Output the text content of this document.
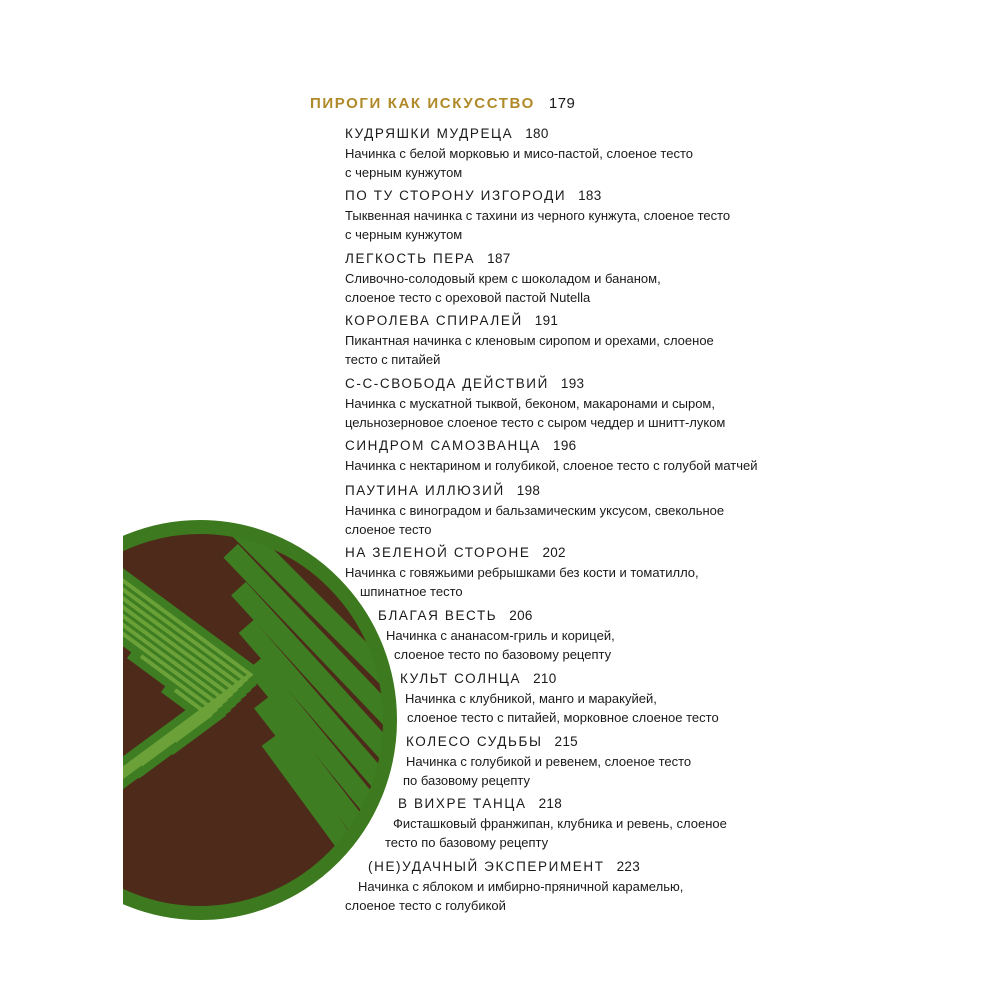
ПИРОГИ КАК ИСКУССТВО 179
КУДРЯШКИ МУДРЕЦА 180
Начинка с белой морковью и мисо-пастой, слоеное тесто
с черным кунжутом
ПО ТУ СТОРОНУ ИЗГОРОДИ 183
Тыквенная начинка с тахини из черного кунжута, слоеное тесто
с черным кунжутом
ЛЕГКОСТЬ ПЕРА 187
Сливочно-солодовый крем с шоколадом и бананом,
слоеное тесто с ореховой пастой Nutella
КОРОЛЕВА СПИРАЛЕЙ 191
Пикантная начинка с кленовым сиропом и орехами, слоеное
тесто с питайей
С-С-СВОБОДА ДЕЙСТВИЙ 193
Начинка с мускатной тыквой, беконом, макаронами и сыром,
цельнозерновое слоеное тесто с сыром чеддер и шнитт-луком
СИНДРОМ САМОЗВАНЦА 196
Начинка с нектарином и голубикой, слоеное тесто с голубой матчей
ПАУТИНА ИЛЛЮЗИЙ 198
Начинка с виноградом и бальзамическим уксусом, свекольное
слоеное тесто
НА ЗЕЛЕНОЙ СТОРОНЕ 202
Начинка с говяжьими ребрышками без кости и томатилло,
шпинатное тесто
БЛАГАЯ ВЕСТЬ 206
Начинка с ананасом-гриль и корицей,
слоеное тесто по базовому рецепту
КУЛЬТ СОЛНЦА 210
Начинка с клубникой, манго и маракуйей,
слоеное тесто с питайей, морковное слоеное тесто
КОЛЕСО СУДЬБЫ 215
Начинка с голубикой и ревенем, слоеное тесто
по базовому рецепту
В ВИХРЕ ТАНЦА 218
Фисташковый франжипан, клубника и ревень, слоеное
тесто по базовому рецепту
(НЕ)УДАЧНЫЙ ЭКСПЕРИМЕНТ 223
Начинка с яблоком и имбирно-пряничной карамелью,
слоеное тесто с голубикой
